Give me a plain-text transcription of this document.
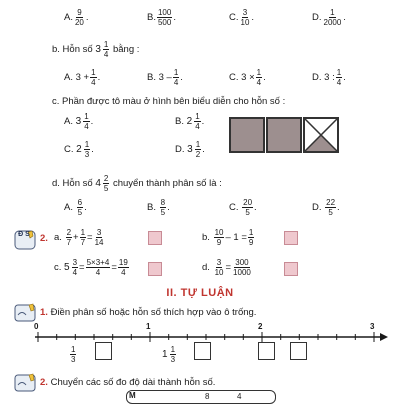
A. 9
20 .	B. 100
500 .	C. 3
10 .	D. 1
2000 .
b. Hỗn số
3 1
4
bằng :
A.
$3 + \frac{1}{4}$ .	B.
3 – 1
4 .	C.
$3 \times \frac{1}{4}$ .	D.
3 : 1
4 .
c. Phần được tô màu ở hình bên biểu diễn cho hỗn số :
A.
3 1
4 .	B.
2 1
4 .
C.
2 1
3 .	D.
3 1
2 .
d. Hỗn số
4 2
5
chuyển thành phân số là :
A.
6
5 .	B.
8
5 .	C.
20
5 .	D.
22
5 .
Đ S 2. a.
2
$7 + \frac{1}{7} = \frac{3}{14}$	b.
10
$9 - 1 = \frac{1}{9}$
c.
$5 \frac{3}{4} = \frac{5\times 3+4}{4} = \frac{19}{4}$	d.
$\frac{3}{10} = \frac{300}{1000}$
II. TỰ LUẬN
1. Điền phân số hoặc hỗn số thích hợp vào ô trống.
0	1	2	3
1
3	1 1
3
2. Chuyển các số đo độ dài thành hỗn số.
M	8	4
